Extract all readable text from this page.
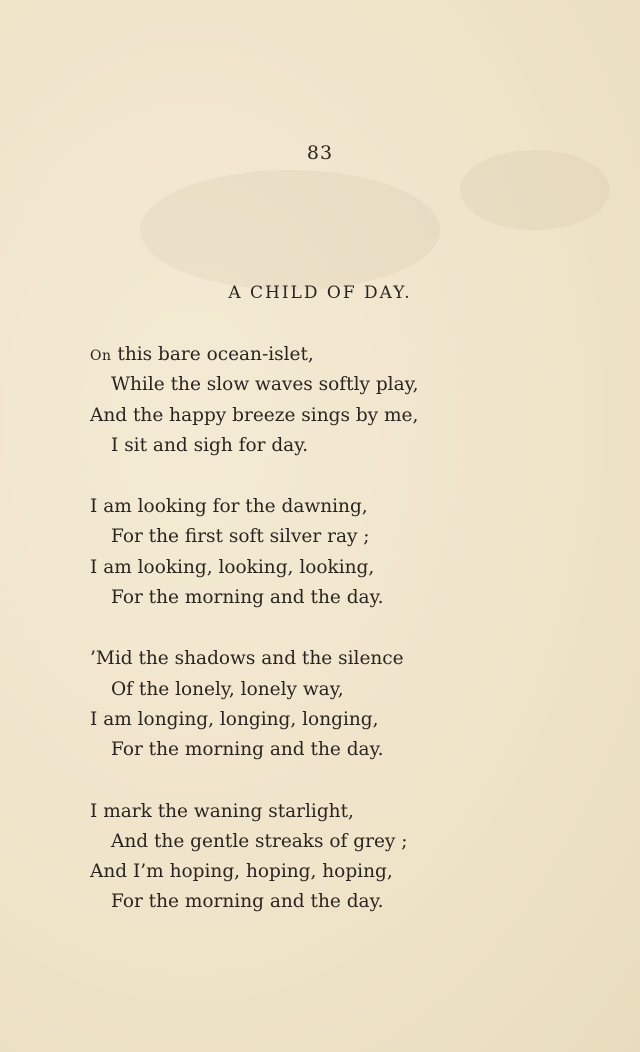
83
A CHILD OF DAY.
On this bare ocean-islet,
While the slow waves softly play,
And the happy breeze sings by me,
I sit and sigh for day.
I am looking for the dawning,
For the first soft silver ray ;
I am looking, looking, looking,
For the morning and the day.
’Mid the shadows and the silence
Of the lonely, lonely way,
I am longing, longing, longing,
For the morning and the day.
I mark the waning starlight,
And the gentle streaks of grey ;
And I’m hoping, hoping, hoping,
For the morning and the day.
